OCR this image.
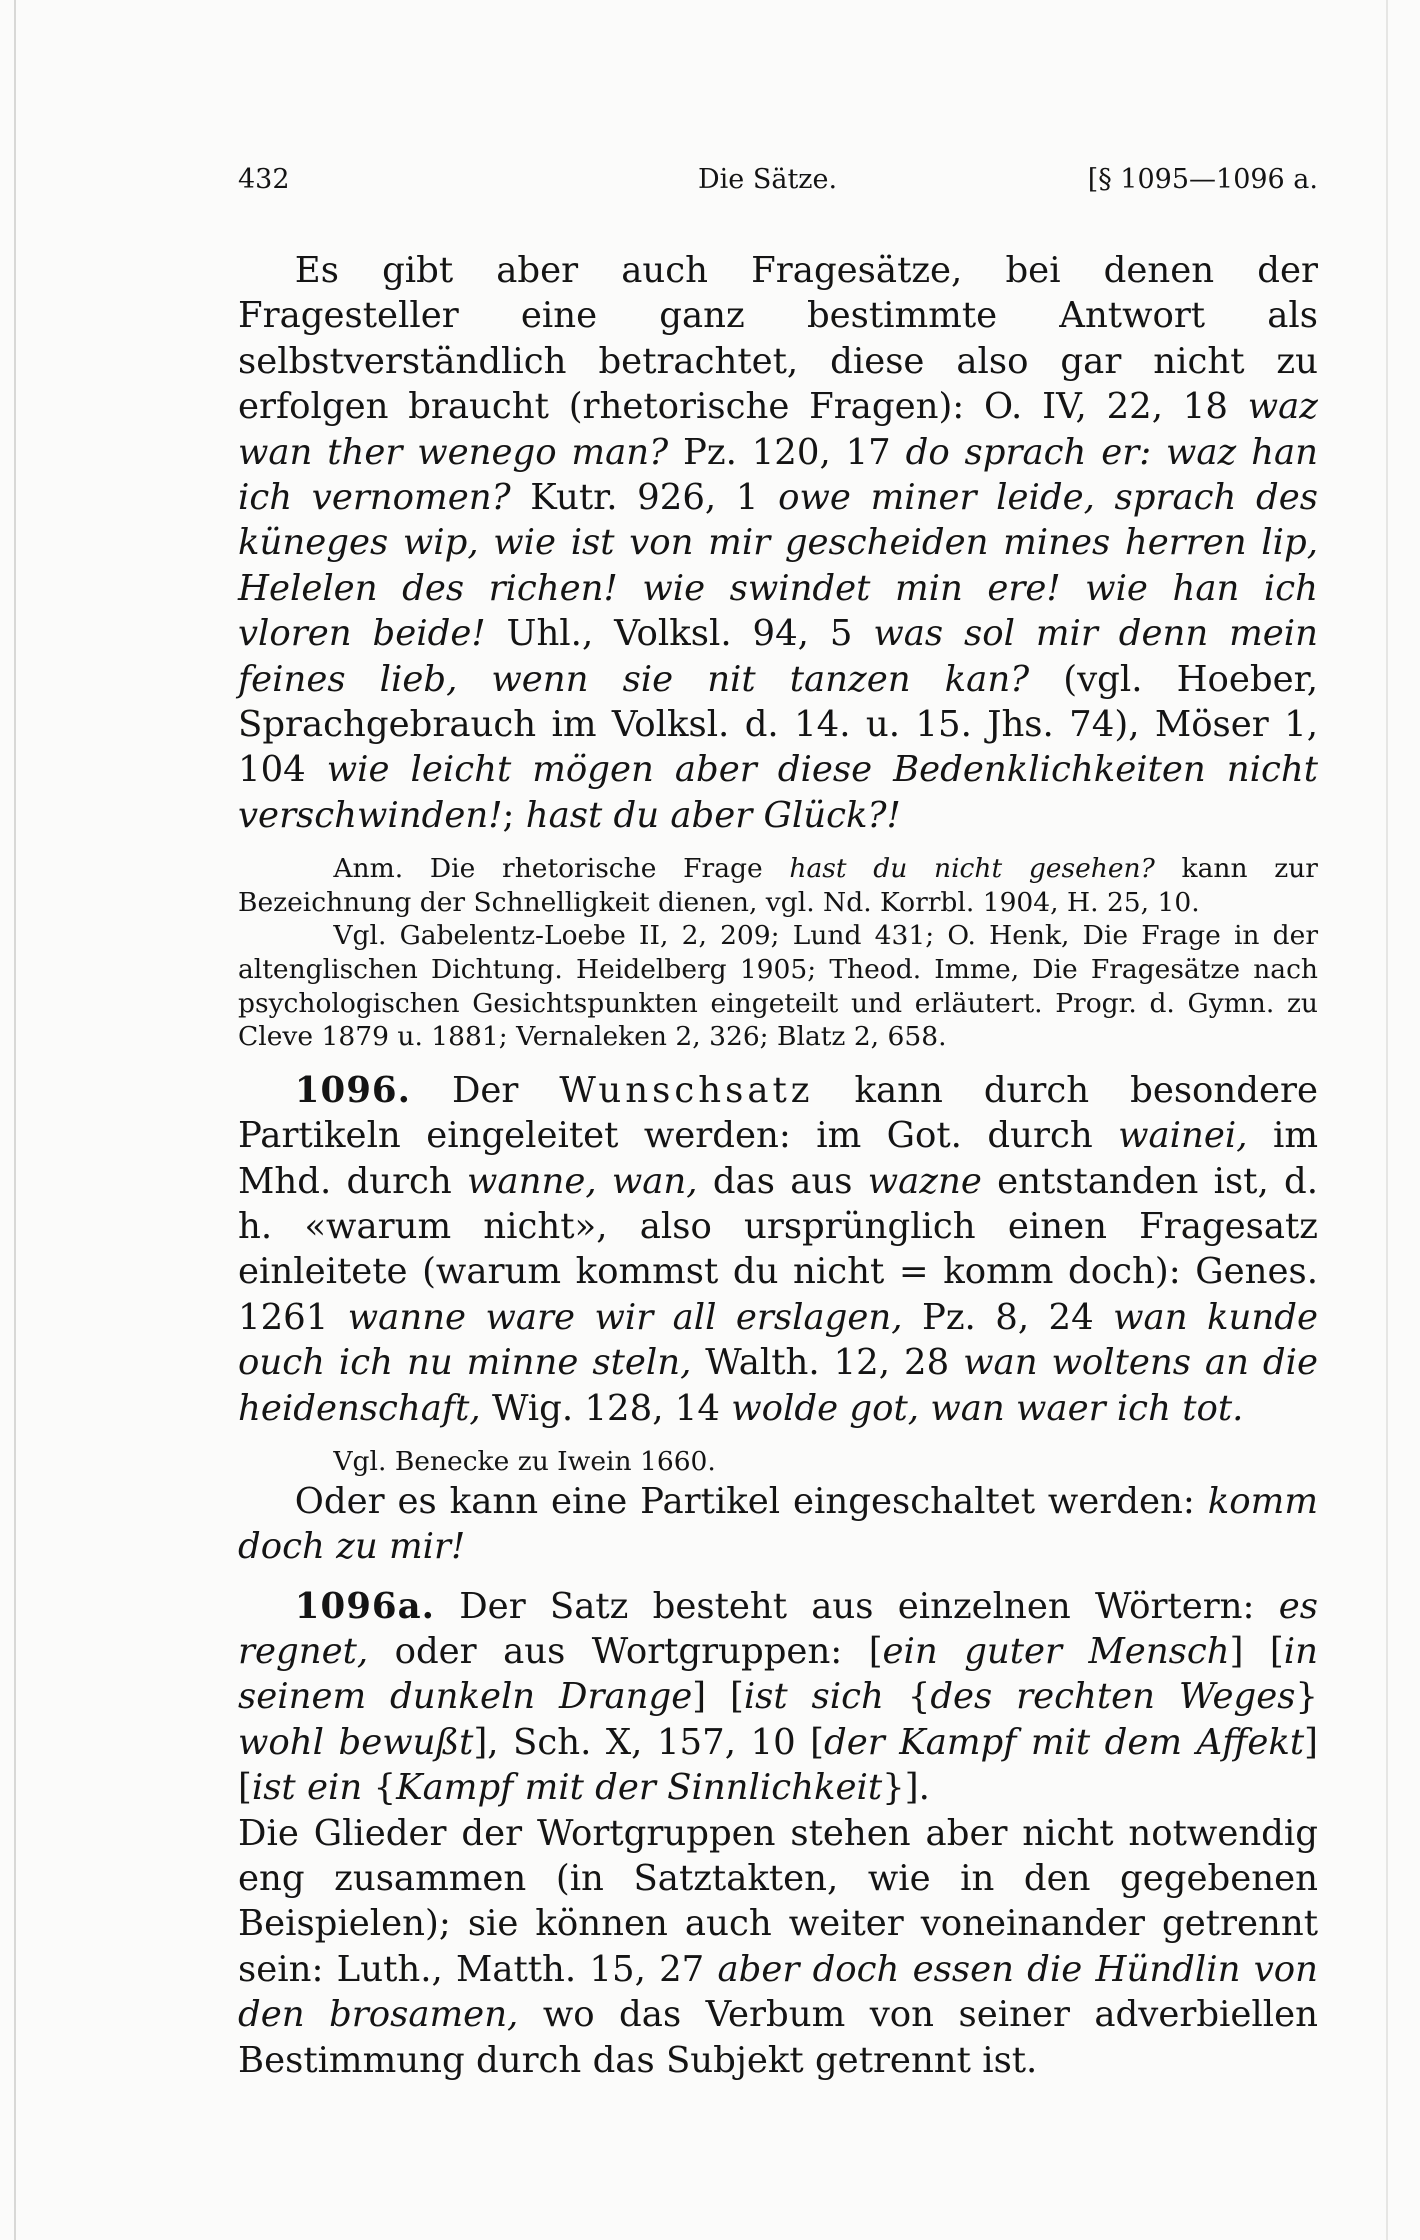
432	Die Sätze.	[§ 1095—1096 a.

Es gibt aber auch Fragesätze, bei denen der Fragesteller eine ganz bestimmte Antwort als selbstverständlich betrachtet, diese also gar nicht zu erfolgen braucht (rhetorische Fragen): O. IV, 22, 18 waz wan ther wenego man? Pz. 120, 17 do sprach er: waz han ich vernomen? Kutr. 926, 1 owe miner leide, sprach des küneges wip, wie ist von mir gescheiden mines herren lip, Helelen des richen! wie swindet min ere! wie han ich vloren beide! Uhl., Volksl. 94, 5 was sol mir denn mein feines lieb, wenn sie nit tanzen kan? (vgl. Hoeber, Sprachgebrauch im Volksl. d. 14. u. 15. Jhs. 74), Möser 1, 104 wie leicht mögen aber diese Bedenklichkeiten nicht verschwinden!; hast du aber Glück?!

Anm. Die rhetorische Frage hast du nicht gesehen? kann zur Bezeichnung der Schnelligkeit dienen, vgl. Nd. Korrbl. 1904, H. 25, 10.

Vgl. Gabelentz-Loebe II, 2, 209; Lund 431; O. Henk, Die Frage in der altenglischen Dichtung. Heidelberg 1905; Theod. Imme, Die Fragesätze nach psychologischen Gesichtspunkten eingeteilt und erläutert. Progr. d. Gymn. zu Cleve 1879 u. 1881; Vernaleken 2, 326; Blatz 2, 658.

1096. Der Wunschsatz kann durch besondere Partikeln eingeleitet werden: im Got. durch wainei, im Mhd. durch wanne, wan, das aus wazne entstanden ist, d. h. «warum nicht», also ursprünglich einen Fragesatz einleitete (warum kommst du nicht = komm doch): Genes. 1261 wanne ware wir all erslagen, Pz. 8, 24 wan kunde ouch ich nu minne steln, Walth. 12, 28 wan woltens an die heidenschaft, Wig. 128, 14 wolde got, wan waer ich tot.

Vgl. Benecke zu Iwein 1660.

Oder es kann eine Partikel eingeschaltet werden: komm doch zu mir!

1096a. Der Satz besteht aus einzelnen Wörtern: es regnet, oder aus Wortgruppen: [ein guter Mensch] [in seinem dunkeln Drange] [ist sich {des rechten Weges} wohl bewußt], Sch. X, 157, 10 [der Kampf mit dem Affekt] [ist ein {Kampf mit der Sinnlichkeit}].

Die Glieder der Wortgruppen stehen aber nicht notwendig eng zusammen (in Satztakten, wie in den gegebenen Beispielen); sie können auch weiter voneinander getrennt sein: Luth., Matth. 15, 27 aber doch essen die Hündlin von den brosamen, wo das Verbum von seiner adverbiellen Bestimmung durch das Subjekt getrennt ist.
